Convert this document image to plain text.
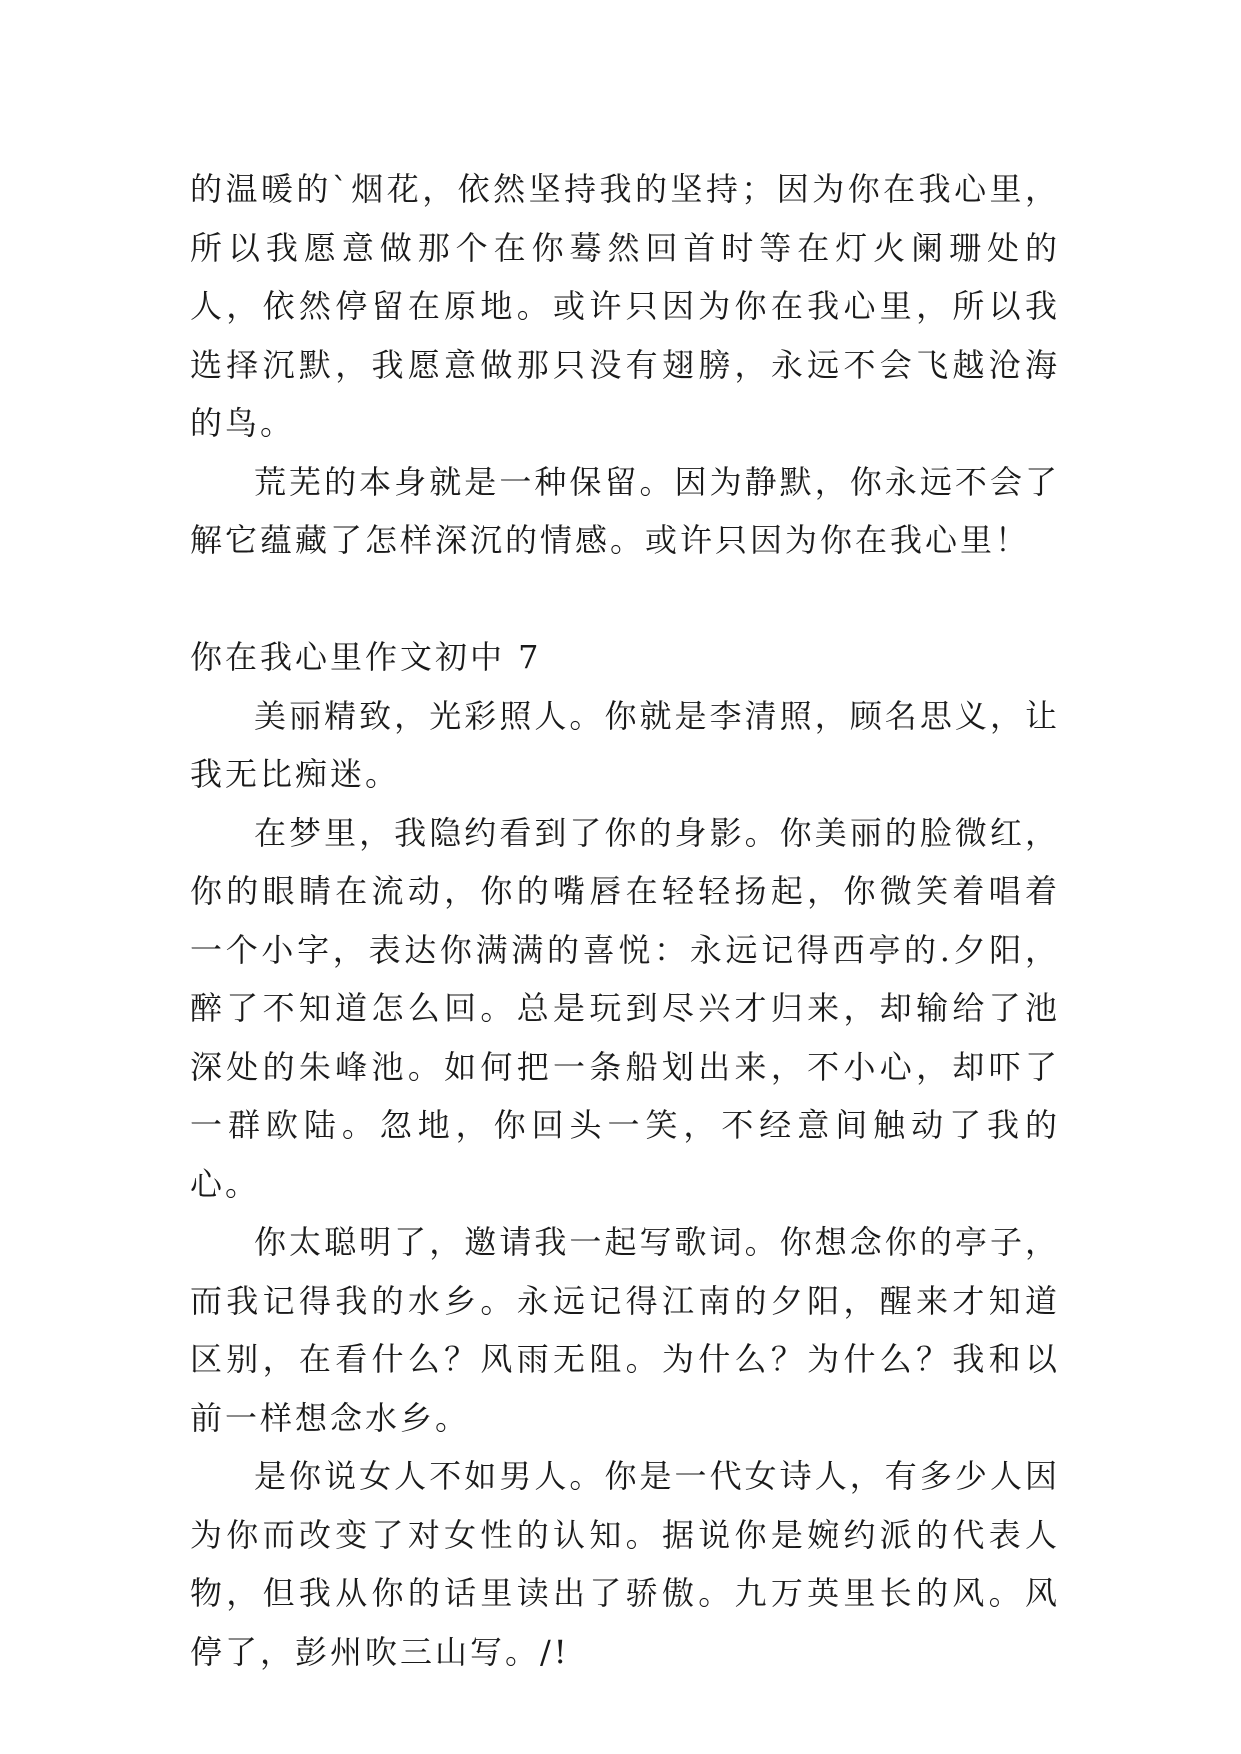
的温暖的`烟花，依然坚持我的坚持；因为你在我心里，所以我愿意做那个在你蓦然回首时等在灯火阑珊处的人，依然停留在原地。或许只因为你在我心里，所以我选择沉默，我愿意做那只没有翅膀，永远不会飞越沧海的鸟。

荒芜的本身就是一种保留。因为静默，你永远不会了解它蕴藏了怎样深沉的情感。或许只因为你在我心里！

你在我心里作文初中 7

美丽精致，光彩照人。你就是李清照，顾名思义，让我无比痴迷。

在梦里，我隐约看到了你的身影。你美丽的脸微红，你的眼睛在流动，你的嘴唇在轻轻扬起，你微笑着唱着一个小字，表达你满满的喜悦：永远记得西亭的.夕阳，醉了不知道怎么回。总是玩到尽兴才归来，却输给了池深处的朱峰池。如何把一条船划出来，不小心，却吓了一群欧陆。忽地，你回头一笑，不经意间触动了我的心。

你太聪明了，邀请我一起写歌词。你想念你的亭子，而我记得我的水乡。永远记得江南的夕阳，醒来才知道区别，在看什么？风雨无阻。为什么？为什么？我和以前一样想念水乡。

是你说女人不如男人。你是一代女诗人，有多少人因为你而改变了对女性的认知。据说你是婉约派的代表人物，但我从你的话里读出了骄傲。九万英里长的风。风停了，彭州吹三山写。/!
